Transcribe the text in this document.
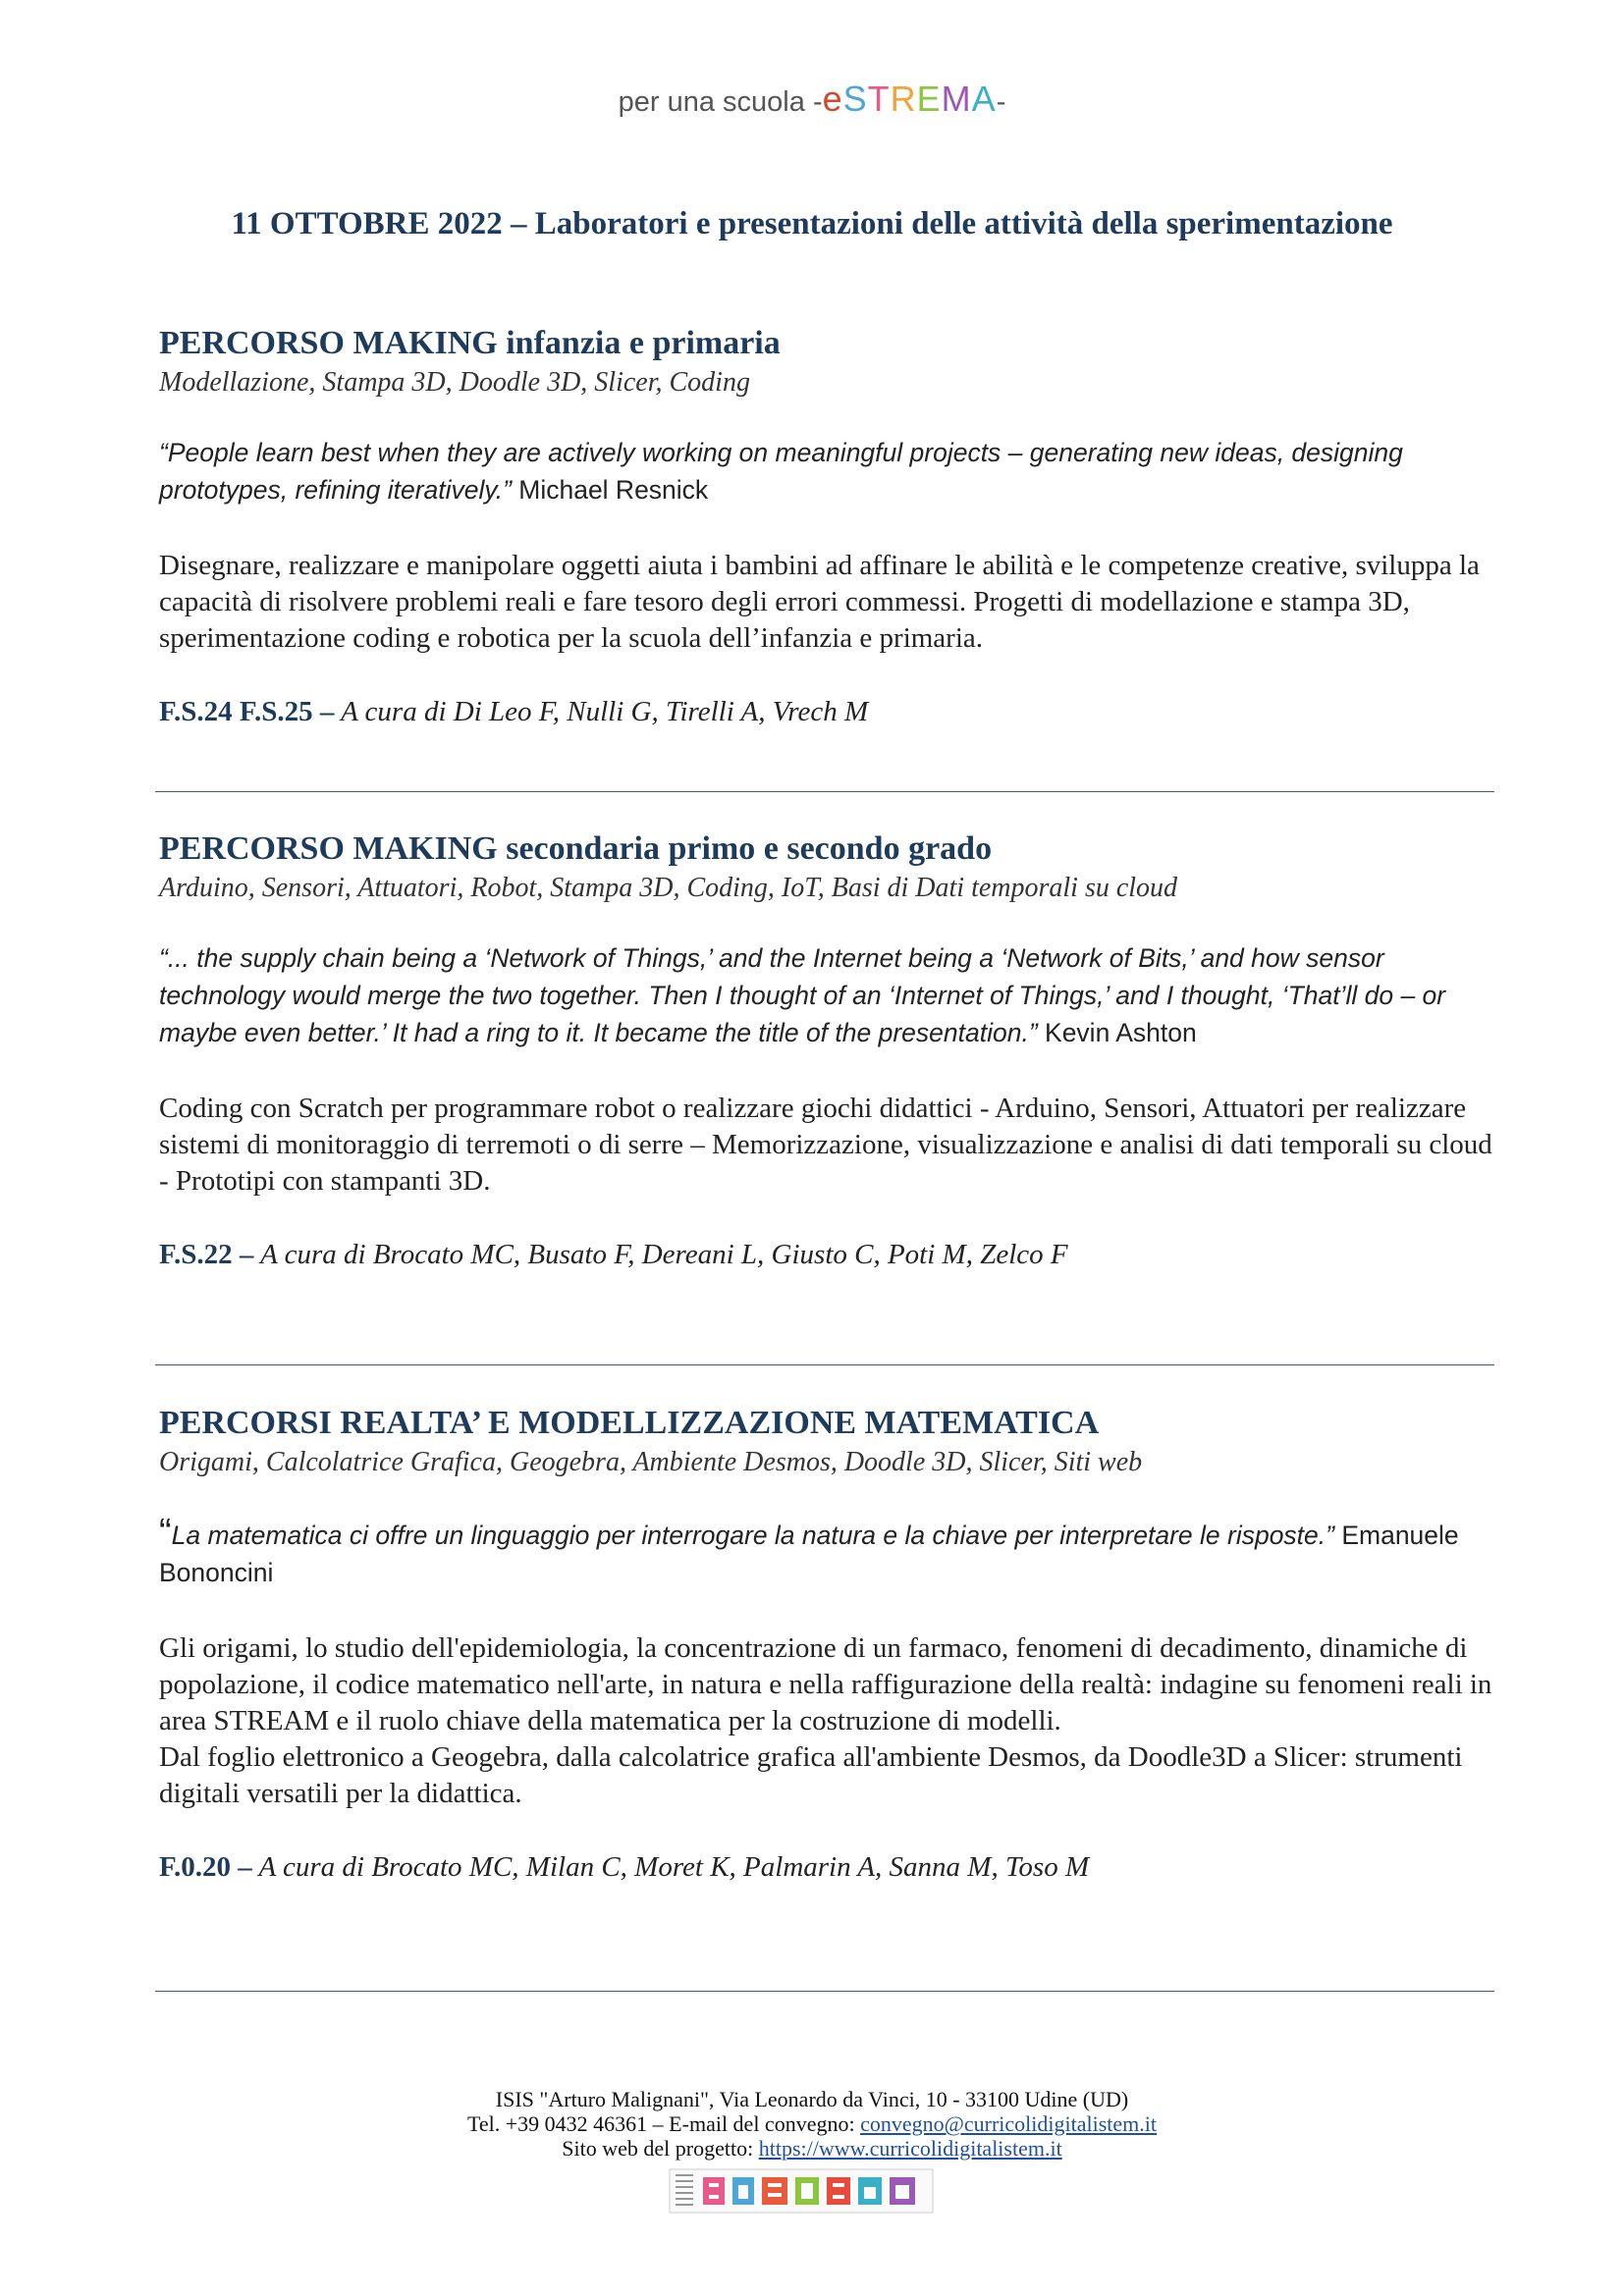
per una scuola -eSTREMA-
11 OTTOBRE 2022 – Laboratori e presentazioni delle attività della sperimentazione
PERCORSO MAKING infanzia e primaria
Modellazione, Stampa 3D, Doodle 3D, Slicer, Coding
“People learn best when they are actively working on meaningful projects – generating new ideas, designing prototypes, refining iteratively.” Michael Resnick
Disegnare, realizzare e manipolare oggetti aiuta i bambini ad affinare le abilità e le competenze creative, sviluppa la capacità di risolvere problemi reali e fare tesoro degli errori commessi. Progetti di modellazione e stampa 3D, sperimentazione coding e robotica per la scuola dell’infanzia e primaria.
F.S.24 F.S.25 – A cura di Di Leo F, Nulli G, Tirelli A, Vrech M
PERCORSO MAKING secondaria primo e secondo grado
Arduino, Sensori, Attuatori, Robot, Stampa 3D, Coding, IoT, Basi di Dati temporali su cloud
“... the supply chain being a ‘Network of Things,’ and the Internet being a ‘Network of Bits,’ and how sensor technology would merge the two together. Then I thought of an ‘Internet of Things,’ and I thought, ‘That’ll do – or maybe even better.’ It had a ring to it. It became the title of the presentation.” Kevin Ashton
Coding con Scratch per programmare robot o realizzare giochi didattici - Arduino, Sensori, Attuatori per realizzare sistemi di monitoraggio di terremoti o di serre – Memorizzazione, visualizzazione e analisi di dati temporali su cloud - Prototipi con stampanti 3D.
F.S.22 – A cura di Brocato MC, Busato F, Dereani L, Giusto C, Poti M, Zelco F
PERCORSI REALTA’ E MODELLIZZAZIONE MATEMATICA
Origami, Calcolatrice Grafica, Geogebra, Ambiente Desmos, Doodle 3D, Slicer, Siti web
“La matematica ci offre un linguaggio per interrogare la natura e la chiave per interpretare le risposte.” Emanuele Bononcini
Gli origami, lo studio dell'epidemiologia, la concentrazione di un farmaco, fenomeni di decadimento, dinamiche di popolazione, il codice matematico nell'arte, in natura e nella raffigurazione della realtà: indagine su fenomeni reali in area STREAM e il ruolo chiave della matematica per la costruzione di modelli.
Dal foglio elettronico a Geogebra, dalla calcolatrice grafica all'ambiente Desmos, da Doodle3D a Slicer: strumenti digitali versatili per la didattica.
F.0.20 – A cura di Brocato MC, Milan C, Moret K, Palmarin A, Sanna M, Toso M
ISIS "Arturo Malignani", Via Leonardo da Vinci, 10 - 33100 Udine (UD)
Tel. +39 0432 46361 – E-mail del convegno: convegno@curricolidigitalistem.it
Sito web del progetto: https://www.curricolidigitalistem.it
